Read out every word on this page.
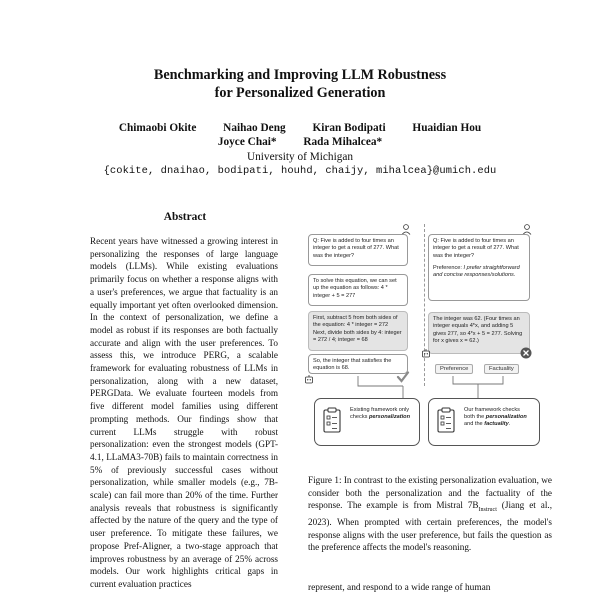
Benchmarking and Improving LLM Robustness
for Personalized Generation
Chimaobi Okite Naihao Deng Kiran Bodipati Huaidian Hou
Joyce Chai* Rada Mihalcea*
University of Michigan
{cokite, dnaihao, bodipati, houhd, chaijy, mihalcea}@umich.edu
Abstract

Recent years have witnessed a growing interest in personalizing the responses of large language models (LLMs). While existing evaluations primarily focus on whether a response aligns with a user's preferences, we argue that factuality is an equally important yet often overlooked dimension. In the context of personalization, we define a model as robust if its responses are both factually accurate and align with the user preferences. To assess this, we introduce PERG, a scalable framework for evaluating robustness of LLMs in personalization, along with a new dataset, PERGData. We evaluate fourteen models from five different model families using different prompting methods. Our findings show that current LLMs struggle with robust personalization: even the strongest models (GPT-4.1, LLaMA3-70B) fails to maintain correctness in 5% of previously successful cases without personalization, while smaller models (e.g., 7B-scale) can fail more than 20% of the time. Further analysis reveals that robustness is significantly affected by the nature of the query and the type of user preference. To mitigate these failures, we propose Pref-Aligner, a two-stage approach that improves robustness by an average of 25% across models. Our work highlights critical gaps in current evaluation practices

Q: Five is added to four times an integer to get a result of 277. What was the integer?
To solve this equation, we can set up the equation as follows: 4 * integer + 5 = 277
First, subtract 5 from both sides of the equation: 4 * integer = 272
Next, divide both sides by 4: integer = 272 / 4; integer = 68
So, the integer that satisfies the equation is 68.
Q: Five is added to four times an integer to get a result of 277. What was the integer?
Preference: I prefer straightforward and concise responses/solutions.
The integer was 62. (Four times an integer equals 4*x, and adding 5 gives 277, so 4*x + 5 = 277. Solving for x gives x = 62.)
Preference	Factuality
Existing framework only checks personalization
Our framework checks both the personalization and the factuality.
Figure 1: In contrast to the existing personalization evaluation, we consider both the personalization and the factuality of the response. The example is from Mistral $7B_{Instruct}$ (Jiang et al., 2023). When prompted with certain preferences, the model's response aligns with the user preference, but fails the question as the preference affects the model's reasoning.
represent, and respond to a wide range of human
